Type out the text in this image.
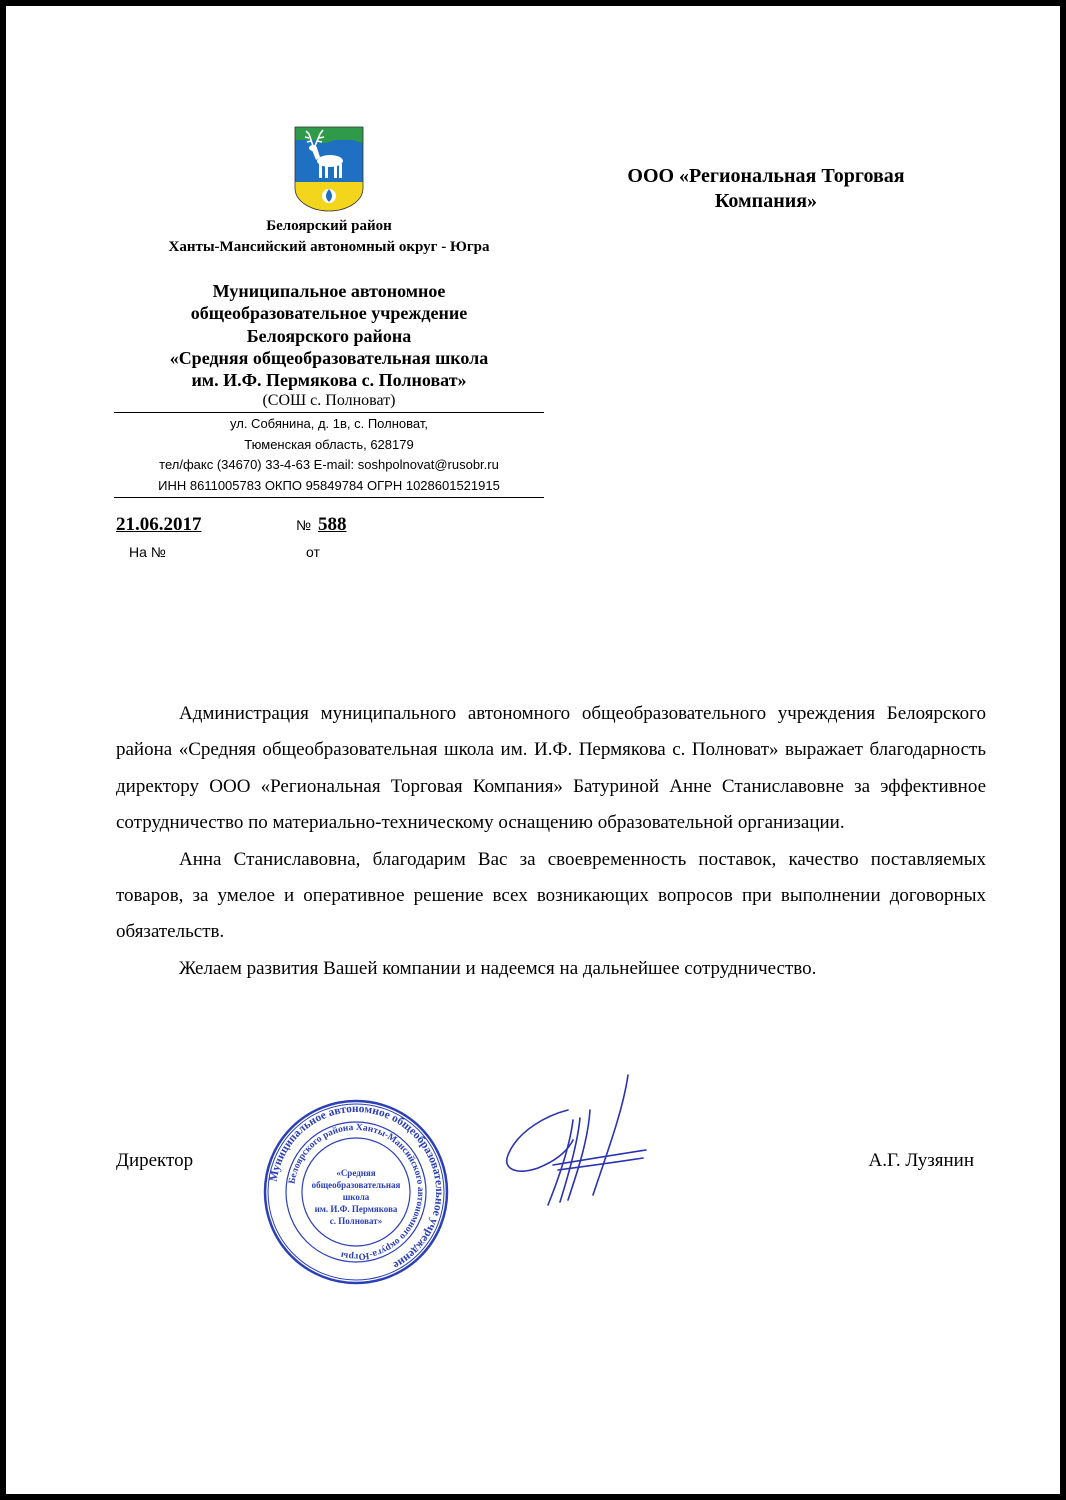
Белоярский район
Ханты-Мансийский автономный округ - Югра
Муниципальное автономное
общеобразовательное учреждение
Белоярского района
«Средняя общеобразовательная школа
им. И.Ф. Пермякова с. Полноват»
(СОШ с. Полноват)
ул. Собянина, д. 1в, с. Полноват,
Тюменская область, 628179
тел/факс (34670) 33-4-63 E-mail: soshpolnovat@rusobr.ru
ИНН 8611005783 ОКПО 95849784 ОГРН 1028601521915
ООО «Региональная Торговая
Компания»
21.06.2017	№ 588
На №	от

Администрация муниципального автономного общеобразовательного учреждения Белоярского района «Средняя общеобразовательная школа им. И.Ф. Пермякова с. Полноват» выражает благодарность директору ООО «Региональная Торговая Компания» Батуриной Анне Станиславовне за эффективное сотрудничество по материально-техническому оснащению образовательной организации.

Анна Станиславовна, благодарим Вас за своевременность поставок, качество поставляемых товаров, за умелое и оперативное решение всех возникающих вопросов при выполнении договорных обязательств.

Желаем развития Вашей компании и надеемся на дальнейшее сотрудничество.

Директор	А.Г. Лузянин
Муниципальное автономное общеобразовательное учреждение
Белоярского района Ханты-Мансийского автономного округа-Югры
«Средняя
общеобразовательная
школа
им. И.Ф. Пермякова
с. Полноват»
